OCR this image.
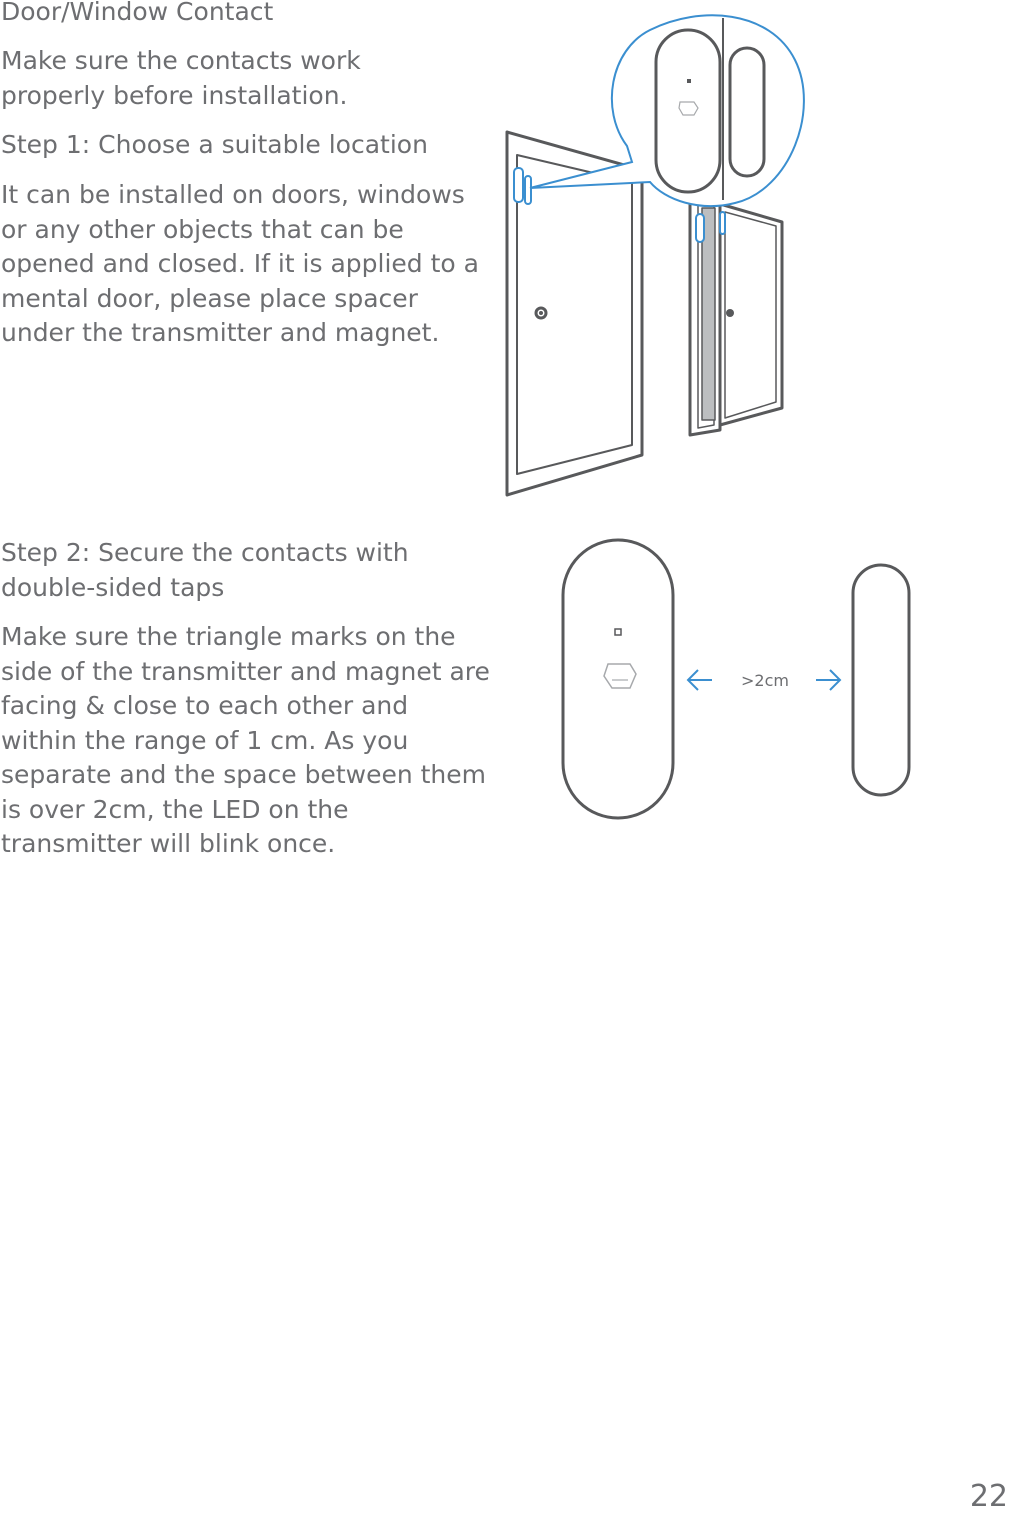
Door/Window Contact

Make sure the contacts work properly before installation.

Step 1: Choose a suitable location

It can be installed on doors, windows or any other objects that can be opened and closed. If it is applied to a mental door, please place spacer under the transmitter and magnet.

Step 2: Secure the contacts with double-sided taps

Make sure the triangle marks on the side of the transmitter and magnet are facing & close to each other and within the range of 1 cm. As you separate and the space between them is over 2cm, the LED on the transmitter will blink once.

>2cm
22
